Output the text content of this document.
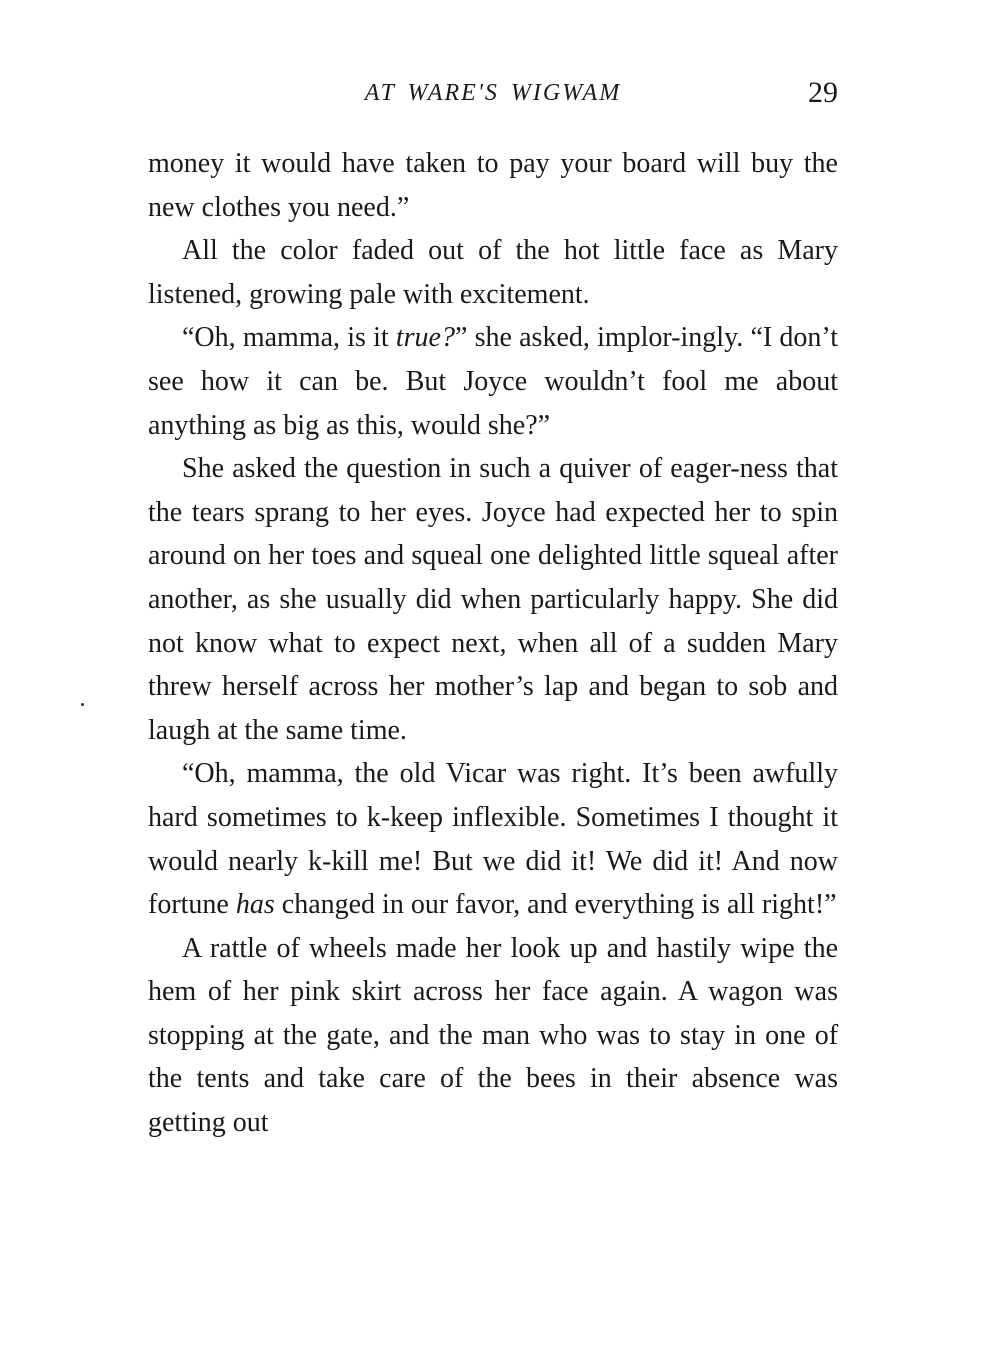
AT WARE'S WIGWAM	29

money it would have taken to pay your board will buy the new clothes you need.”

All the color faded out of the hot little face as Mary listened, growing pale with excitement.

“Oh, mamma, is it true?” she asked, implor-ingly. “I don’t see how it can be. But Joyce wouldn’t fool me about anything as big as this, would she?”

She asked the question in such a quiver of eager-ness that the tears sprang to her eyes. Joyce had expected her to spin around on her toes and squeal one delighted little squeal after another, as she usually did when particularly happy. She did not know what to expect next, when all of a sudden Mary threw herself across her mother’s lap and began to sob and laugh at the same time.

“Oh, mamma, the old Vicar was right. It’s been awfully hard sometimes to k-keep inflexible. Sometimes I thought it would nearly k-kill me! But we did it! We did it! And now fortune has changed in our favor, and everything is all right!”

A rattle of wheels made her look up and hastily wipe the hem of her pink skirt across her face again. A wagon was stopping at the gate, and the man who was to stay in one of the tents and take care of the bees in their absence was getting out
